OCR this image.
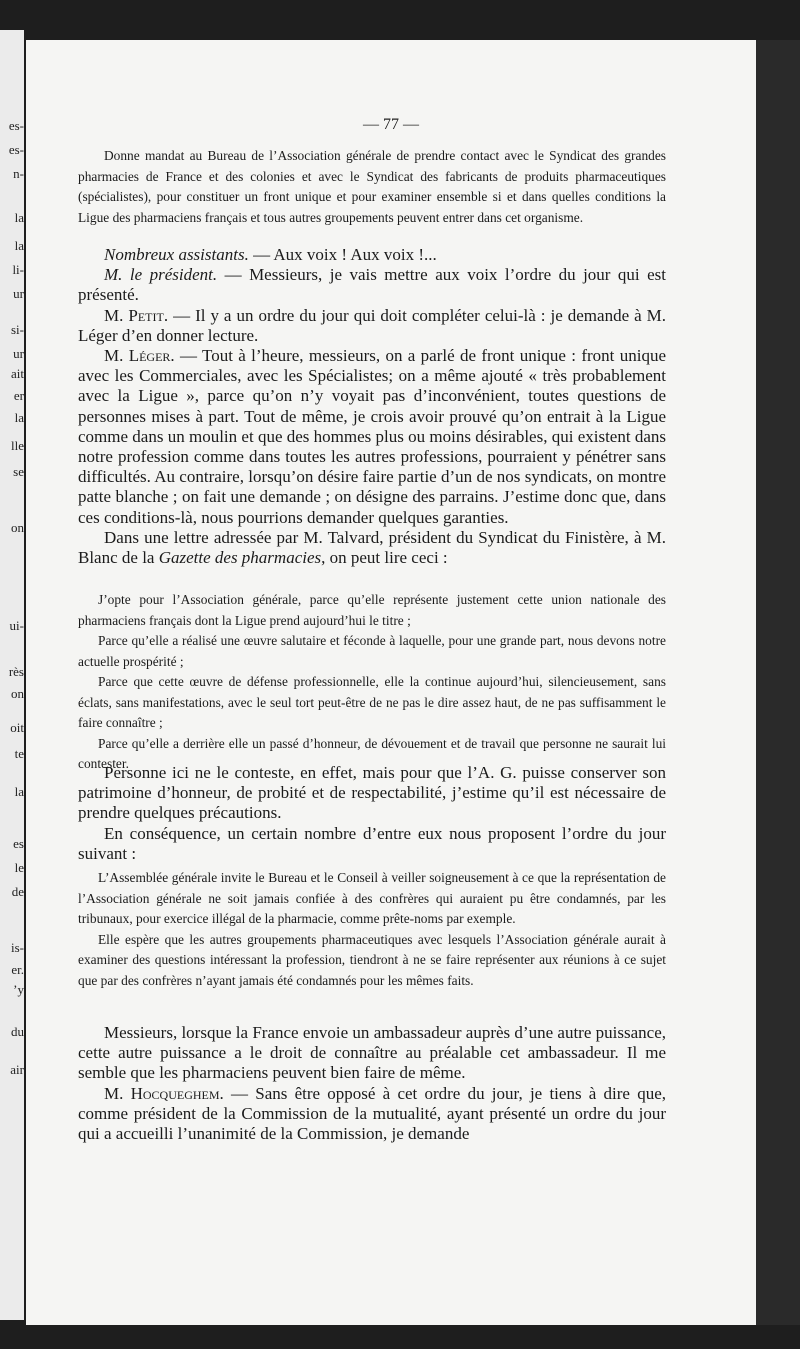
es-
es-
n-
la
la
li-
ur
si-
ur
ait
er
la
lle
se
on
ui-
rès
on
oit
te
la
es
le
de
is-
er.
’y
du
air
— 77 —

Donne mandat au Bureau de l’Association générale de prendre contact avec le Syndicat des grandes pharmacies de France et des colonies et avec le Syndicat des fabricants de produits pharmaceutiques (spécialistes), pour constituer un front unique et pour examiner ensemble si et dans quelles conditions la Ligue des pharmaciens français et tous autres groupements peuvent entrer dans cet organisme.

Nombreux assistants. — Aux voix ! Aux voix !...

M. le président. — Messieurs, je vais mettre aux voix l’ordre du jour qui est présenté.

M. Petit. — Il y a un ordre du jour qui doit compléter celui-là : je demande à M. Léger d’en donner lecture.

M. Léger. — Tout à l’heure, messieurs, on a parlé de front unique : front unique avec les Commerciales, avec les Spécialistes; on a même ajouté « très probablement avec la Ligue », parce qu’on n’y voyait pas d’inconvénient, toutes questions de personnes mises à part. Tout de même, je crois avoir prouvé qu’on entrait à la Ligue comme dans un moulin et que des hommes plus ou moins désirables, qui existent dans notre profession comme dans toutes les autres professions, pourraient y pénétrer sans difficultés. Au contraire, lorsqu’on désire faire partie d’un de nos syndicats, on montre patte blanche ; on fait une demande ; on désigne des parrains. J’estime donc que, dans ces conditions-là, nous pourrions demander quelques garanties.

Dans une lettre adressée par M. Talvard, président du Syndicat du Finistère, à M. Blanc de la Gazette des pharmacies, on peut lire ceci :

J’opte pour l’Association générale, parce qu’elle représente justement cette union nationale des pharmaciens français dont la Ligue prend aujourd’hui le titre ;

Parce qu’elle a réalisé une œuvre salutaire et féconde à laquelle, pour une grande part, nous devons notre actuelle prospérité ;

Parce que cette œuvre de défense professionnelle, elle la continue aujourd’hui, silencieusement, sans éclats, sans manifestations, avec le seul tort peut-être de ne pas le dire assez haut, de ne pas suffisamment le faire connaître ;

Parce qu’elle a derrière elle un passé d’honneur, de dévouement et de travail que personne ne saurait lui contester.

Personne ici ne le conteste, en effet, mais pour que l’A. G. puisse conserver son patrimoine d’honneur, de probité et de respectabilité, j’estime qu’il est nécessaire de prendre quelques précautions.

En conséquence, un certain nombre d’entre eux nous proposent l’ordre du jour suivant :

L’Assemblée générale invite le Bureau et le Conseil à veiller soigneusement à ce que la représentation de l’Association générale ne soit jamais confiée à des confrères qui auraient pu être condamnés, par les tribunaux, pour exercice illégal de la pharmacie, comme prête-noms par exemple.

Elle espère que les autres groupements pharmaceutiques avec lesquels l’Association générale aurait à examiner des questions intéressant la profession, tiendront à ne se faire représenter aux réunions à ce sujet que par des confrères n’ayant jamais été condamnés pour les mêmes faits.

Messieurs, lorsque la France envoie un ambassadeur auprès d’une autre puissance, cette autre puissance a le droit de connaître au préalable cet ambassadeur. Il me semble que les pharmaciens peuvent bien faire de même.

M. Hocqueghem. — Sans être opposé à cet ordre du jour, je tiens à dire que, comme président de la Commission de la mutualité, ayant présenté un ordre du jour qui a accueilli l’unanimité de la Commission, je demande
